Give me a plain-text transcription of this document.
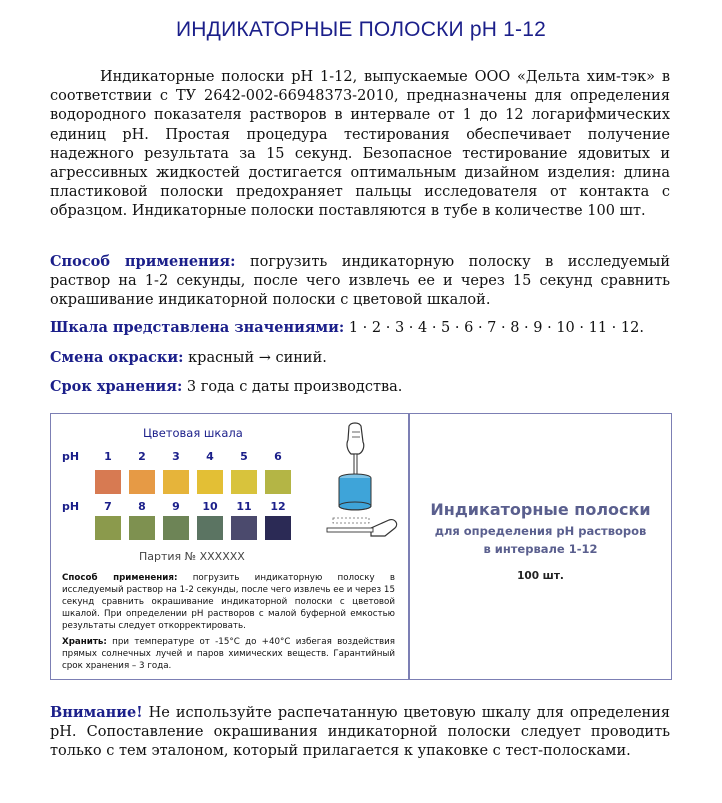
ИНДИКАТОРНЫЕ ПОЛОСКИ pH 1-12
Индикаторные полоски pH 1-12, выпускаемые ООО «Дельта хим-тэк» в соответствии с ТУ 2642-002-66948373-2010, предназначены для определения водородного показателя растворов в интервале от 1 до 12 логарифмических единиц pH. Простая процедура тестирования обеспечивает получение надежного результата за 15 секунд. Безопасное тестирование ядовитых и агрессивных жидкостей достигается оптимальным дизайном изделия: длина пластиковой полоски предохраняет пальцы исследователя от контакта с образцом. Индикаторные полоски поставляются в тубе в количестве 100 шт.
Способ применения: погрузить индикаторную полоску в исследуемый раствор на 1-2 секунды, после чего извлечь ее и через 15 секунд сравнить окрашивание индикаторной полоски с цветовой шкалой.
Шкала представлена значениями: 1 · 2 · 3 · 4 · 5 · 6 · 7 · 8 · 9 · 10 · 11 · 12.
Смена окраски: красный → синий.
Срок хранения: 3 года с даты производства.
Цветовая шкала
pH
pH
1	2	3	4	5	6
7	8	9	10	11	12
Партия № XXXXXX
Способ применения: погрузить индикаторную полоску в исследуемый раствор на 1-2 секунды, после чего извлечь ее и через 15 секунд сравнить окрашивание индикаторной полоски с цветовой шкалой. При определении pH растворов с малой буферной емкостью результаты следует откорректировать.
Хранить: при температуре от -15°С до +40°С избегая воздействия прямых солнечных лучей и паров химических веществ. Гарантийный срок хранения – 3 года.
Индикаторные полоски
для определения pH растворов
в интервале 1-12
100 шт.
Внимание! Не используйте распечатанную цветовую шкалу для определения pH. Сопоставление окрашивания индикаторной полоски следует проводить только с тем эталоном, который прилагается к упаковке с тест-полосками.
